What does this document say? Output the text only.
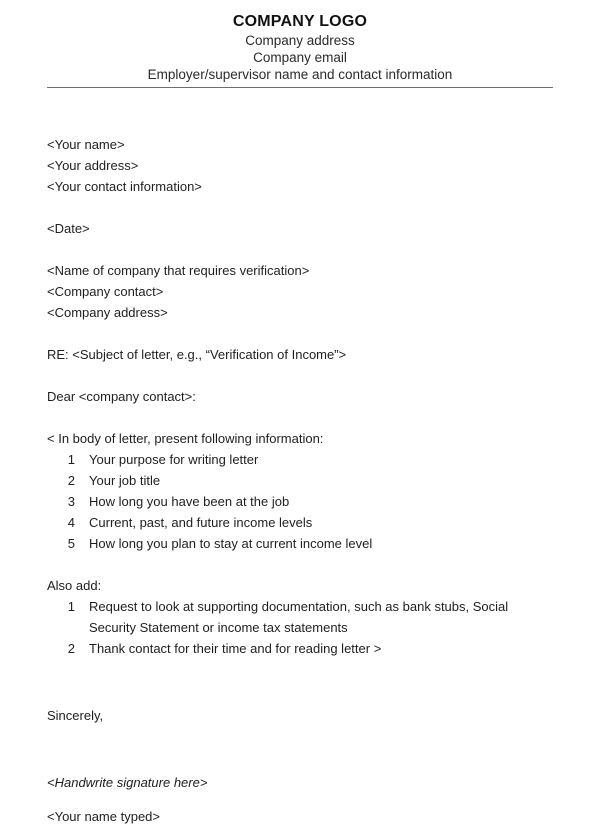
COMPANY LOGO
Company address
Company email
Employer/supervisor name and contact information

<Your name>

<Your address>

<Your contact information>

<Date>

<Name of company that requires verification>

<Company contact>

<Company address>

RE: <Subject of letter, e.g., “Verification of Income”>

Dear <company contact>:

< In body of letter, present following information:

1 Your purpose for writing letter
2 Your job title
3 How long you have been at the job
4 Current, past, and future income levels
5 How long you plan to stay at current income level

Also add:

1 Request to look at supporting documentation, such as bank stubs, Social Security Statement or income tax statements
2 Thank contact for their time and for reading letter >

Sincerely,

<Handwrite signature here>

<Your name typed>
